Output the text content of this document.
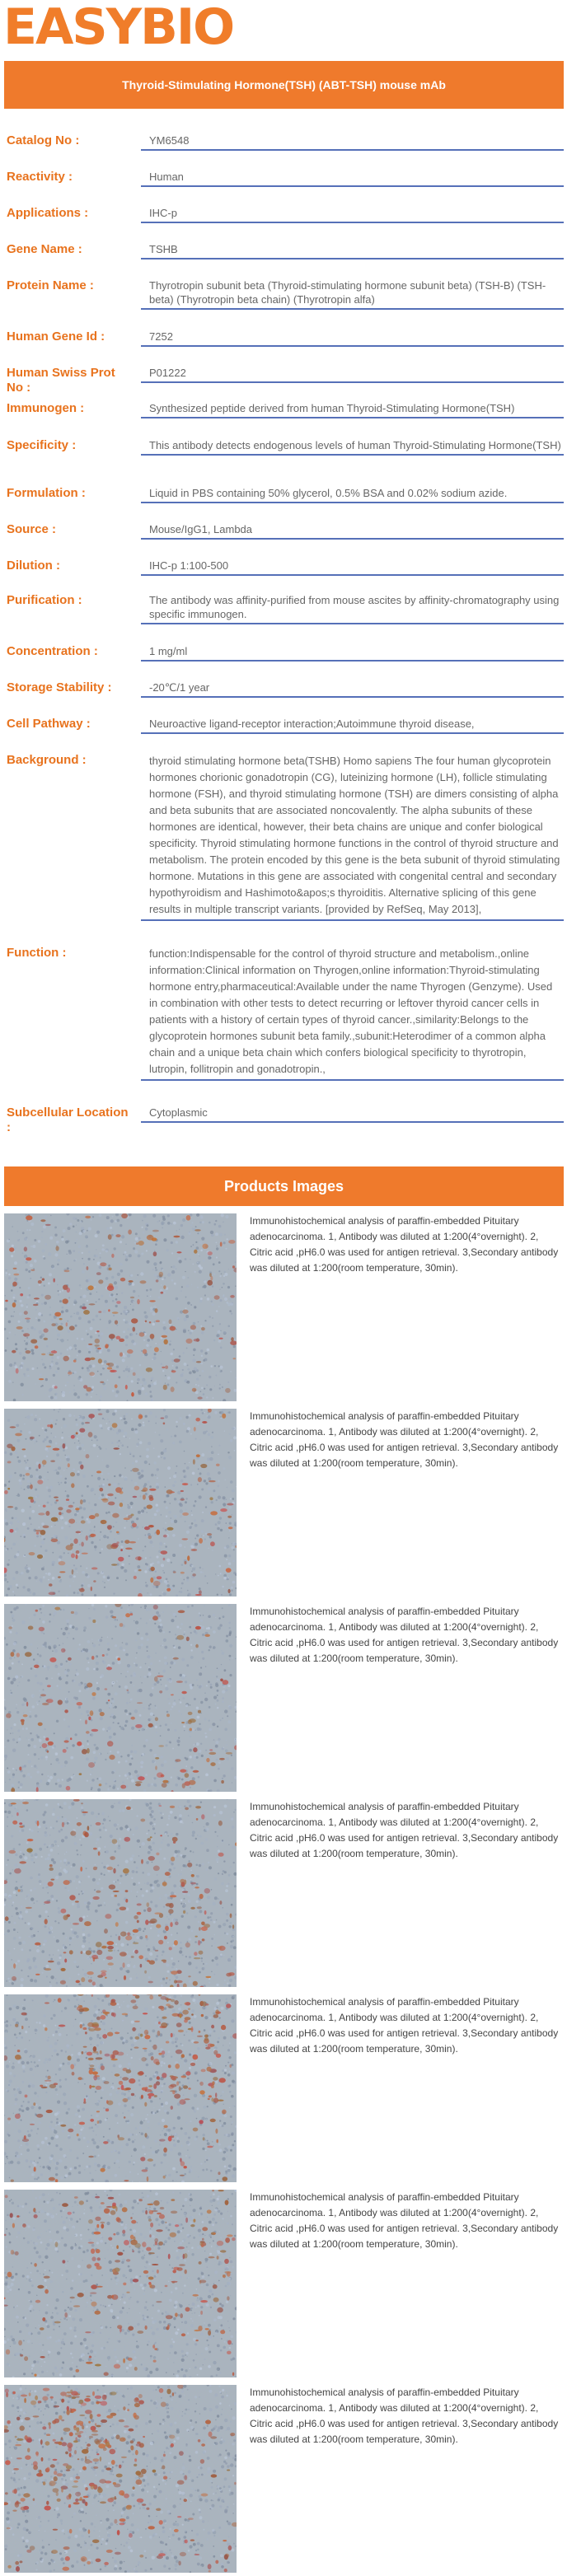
EASYBIO
Thyroid-Stimulating Hormone(TSH) (ABT-TSH) mouse mAb
Catalog No :	YM6548
Reactivity :	Human
Applications :	IHC-p
Gene Name :	TSHB
Protein Name :	Thyrotropin subunit beta (Thyroid-stimulating hormone subunit beta) (TSH-B) (TSH-beta) (Thyrotropin beta chain) (Thyrotropin alfa)
Human Gene Id :	7252
Human Swiss Prot No :
P01222
Immunogen :	Synthesized peptide derived from human Thyroid-Stimulating Hormone(TSH)
Specificity :	This antibody detects endogenous levels of human Thyroid-Stimulating Hormone(TSH)
Formulation :	Liquid in PBS containing 50% glycerol, 0.5% BSA and 0.02% sodium azide.
Source :	Mouse/IgG1, Lambda
Dilution :	IHC-p 1:100-500
Purification :	The antibody was affinity-purified from mouse ascites by affinity-chromatography using specific immunogen.
Concentration :	1 mg/ml
Storage Stability :	-20℃/1 year
Cell Pathway :	Neuroactive ligand-receptor interaction;Autoimmune thyroid disease,
Background :	thyroid stimulating hormone beta(TSHB) Homo sapiens The four human glycoprotein hormones chorionic gonadotropin (CG), luteinizing hormone (LH), follicle stimulating hormone (FSH), and thyroid stimulating hormone (TSH) are dimers consisting of alpha and beta subunits that are associated noncovalently. The alpha subunits of these hormones are identical, however, their beta chains are unique and confer biological specificity. Thyroid stimulating hormone functions in the control of thyroid structure and metabolism. The protein encoded by this gene is the beta subunit of thyroid stimulating hormone. Mutations in this gene are associated with congenital central and secondary hypothyroidism and Hashimoto&apos;s thyroiditis. Alternative splicing of this gene results in multiple transcript variants. [provided by RefSeq, May 2013],
Function :	function:Indispensable for the control of thyroid structure and metabolism.,online information:Clinical information on Thyrogen,online information:Thyroid-stimulating hormone entry,pharmaceutical:Available under the name Thyrogen (Genzyme). Used in combination with other tests to detect recurring or leftover thyroid cancer cells in patients with a history of certain types of thyroid cancer.,similarity:Belongs to the glycoprotein hormones subunit beta family.,subunit:Heterodimer of a common alpha chain and a unique beta chain which confers biological specificity to thyrotropin, lutropin, follitropin and gonadotropin.,
Subcellular Location :
Cytoplasmic
Products Images
Immunohistochemical analysis of paraffin-embedded Pituitary adenocarcinoma. 1, Antibody was diluted at 1:200(4°overnight). 2, Citric acid ,pH6.0 was used for antigen retrieval. 3,Secondary antibody was diluted at 1:200(room temperature, 30min).
Immunohistochemical analysis of paraffin-embedded Pituitary adenocarcinoma. 1, Antibody was diluted at 1:200(4°overnight). 2, Citric acid ,pH6.0 was used for antigen retrieval. 3,Secondary antibody was diluted at 1:200(room temperature, 30min).
Immunohistochemical analysis of paraffin-embedded Pituitary adenocarcinoma. 1, Antibody was diluted at 1:200(4°overnight). 2, Citric acid ,pH6.0 was used for antigen retrieval. 3,Secondary antibody was diluted at 1:200(room temperature, 30min).
Immunohistochemical analysis of paraffin-embedded Pituitary adenocarcinoma. 1, Antibody was diluted at 1:200(4°overnight). 2, Citric acid ,pH6.0 was used for antigen retrieval. 3,Secondary antibody was diluted at 1:200(room temperature, 30min).
Immunohistochemical analysis of paraffin-embedded Pituitary adenocarcinoma. 1, Antibody was diluted at 1:200(4°overnight). 2, Citric acid ,pH6.0 was used for antigen retrieval. 3,Secondary antibody was diluted at 1:200(room temperature, 30min).
Immunohistochemical analysis of paraffin-embedded Pituitary adenocarcinoma. 1, Antibody was diluted at 1:200(4°overnight). 2, Citric acid ,pH6.0 was used for antigen retrieval. 3,Secondary antibody was diluted at 1:200(room temperature, 30min).
Immunohistochemical analysis of paraffin-embedded Pituitary adenocarcinoma. 1, Antibody was diluted at 1:200(4°overnight). 2, Citric acid ,pH6.0 was used for antigen retrieval. 3,Secondary antibody was diluted at 1:200(room temperature, 30min).
